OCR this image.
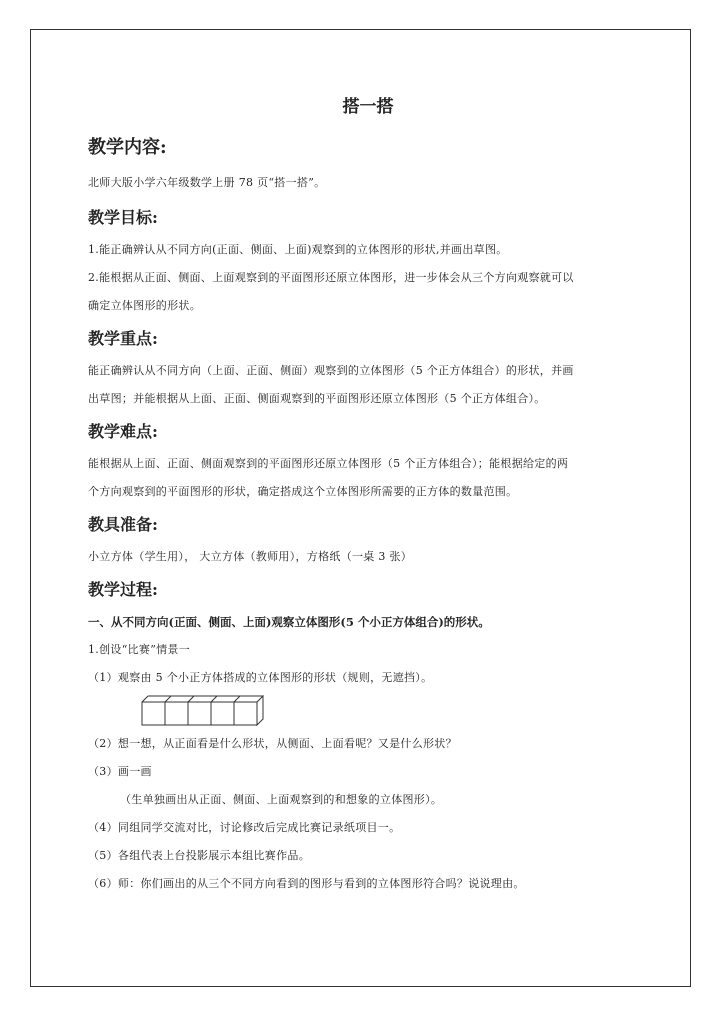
搭一搭
教学内容:

北师大版小学六年级数学上册 78 页“搭一搭”。

教学目标:

1.能正确辨认从不同方向(正面、侧面、上面)观察到的立体图形的形状,并画出草图。

2.能根据从正面、侧面、上面观察到的平面图形还原立体图形，进一步体会从三个方向观察就可以

确定立体图形的形状。

教学重点:

能正确辨认从不同方向（上面、正面、侧面）观察到的立体图形（5 个正方体组合）的形状，并画

出草图；并能根据从上面、正面、侧面观察到的平面图形还原立体图形（5 个正方体组合）。

教学难点:

能根据从上面、正面、侧面观察到的平面图形还原立体图形（5 个正方体组合）；能根据给定的两

个方向观察到的平面图形的形状，确定搭成这个立体图形所需要的正方体的数量范围。

教具准备:

小立方体（学生用）， 大立方体（教师用），方格纸（一桌 3 张）

教学过程:

一、从不同方向(正面、侧面、上面)观察立体图形(5 个小正方体组合)的形状。

1.创设“比赛”情景一

（1）观察由 5 个小正方体搭成的立体图形的形状（规则，无遮挡）。

（2）想一想，从正面看是什么形状，从侧面、上面看呢？又是什么形状？

（3）画一画

（生单独画出从正面、侧面、上面观察到的和想象的立体图形）。

（4）同组同学交流对比，讨论修改后完成比赛记录纸项目一。

（5）各组代表上台投影展示本组比赛作品。

（6）师：你们画出的从三个不同方向看到的图形与看到的立体图形符合吗？说说理由。
